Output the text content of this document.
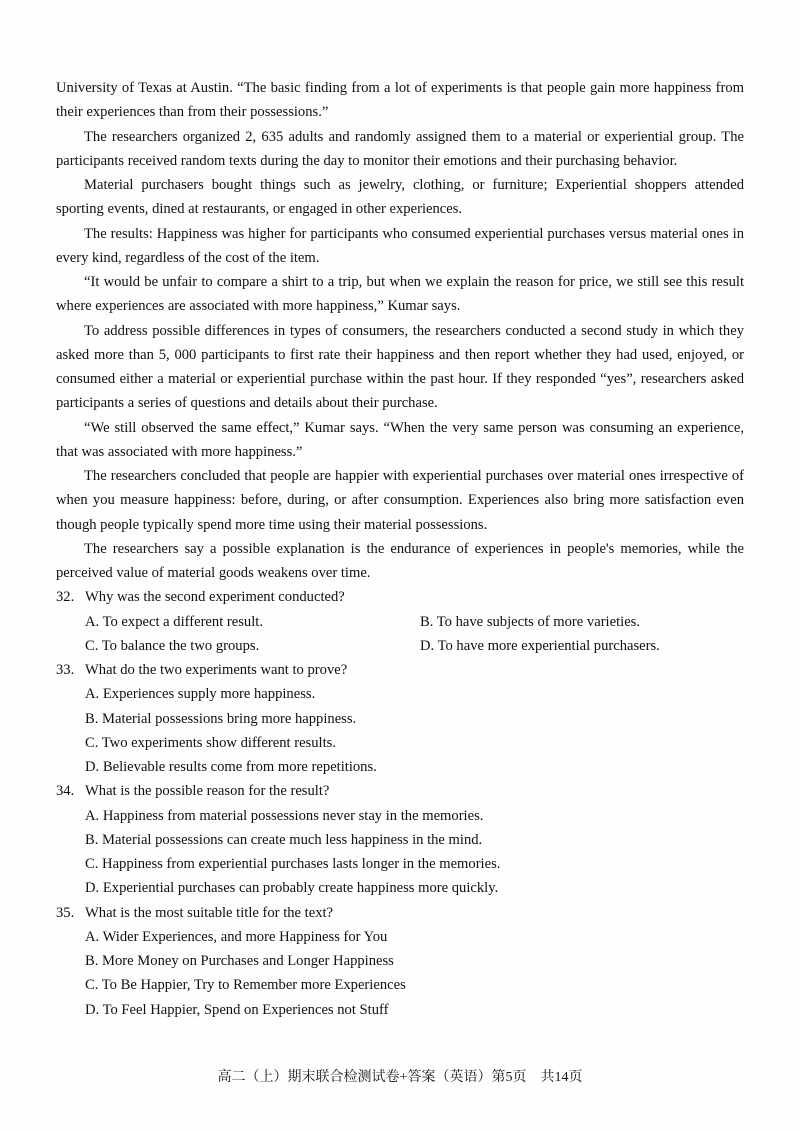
University of Texas at Austin. “The basic finding from a lot of experiments is that people gain more happiness from their experiences than from their possessions.”

The researchers organized 2, 635 adults and randomly assigned them to a material or experiential group. The participants received random texts during the day to monitor their emotions and their purchasing behavior.

Material purchasers bought things such as jewelry, clothing, or furniture; Experiential shoppers attended sporting events, dined at restaurants, or engaged in other experiences.

The results: Happiness was higher for participants who consumed experiential purchases versus material ones in every kind, regardless of the cost of the item.

“It would be unfair to compare a shirt to a trip, but when we explain the reason for price, we still see this result where experiences are associated with more happiness,” Kumar says.

To address possible differences in types of consumers, the researchers conducted a second study in which they asked more than 5, 000 participants to first rate their happiness and then report whether they had used, enjoyed, or consumed either a material or experiential purchase within the past hour. If they responded “yes”, researchers asked participants a series of questions and details about their purchase.

“We still observed the same effect,” Kumar says. “When the very same person was consuming an experience, that was associated with more happiness.”

The researchers concluded that people are happier with experiential purchases over material ones irrespective of when you measure happiness: before, during, or after consumption. Experiences also bring more satisfaction even though people typically spend more time using their material possessions.

The researchers say a possible explanation is the endurance of experiences in people's memories, while the perceived value of material goods weakens over time.

32. Why was the second experiment conducted?
A. To expect a different result.	B. To have subjects of more varieties.
C. To balance the two groups.	D. To have more experiential purchasers.
33. What do the two experiments want to prove?
A. Experiences supply more happiness.
B. Material possessions bring more happiness.
C. Two experiments show different results.
D. Believable results come from more repetitions.
34. What is the possible reason for the result?
A. Happiness from material possessions never stay in the memories.
B. Material possessions can create much less happiness in the mind.
C. Happiness from experiential purchases lasts longer in the memories.
D. Experiential purchases can probably create happiness more quickly.
35. What is the most suitable title for the text?
A. Wider Experiences, and more Happiness for You
B. More Money on Purchases and Longer Happiness
C. To Be Happier, Try to Remember more Experiences
D. To Feel Happier, Spend on Experiences not Stuff
高二（上）期末联合检测试卷+答案（英语）第5页　共14页
